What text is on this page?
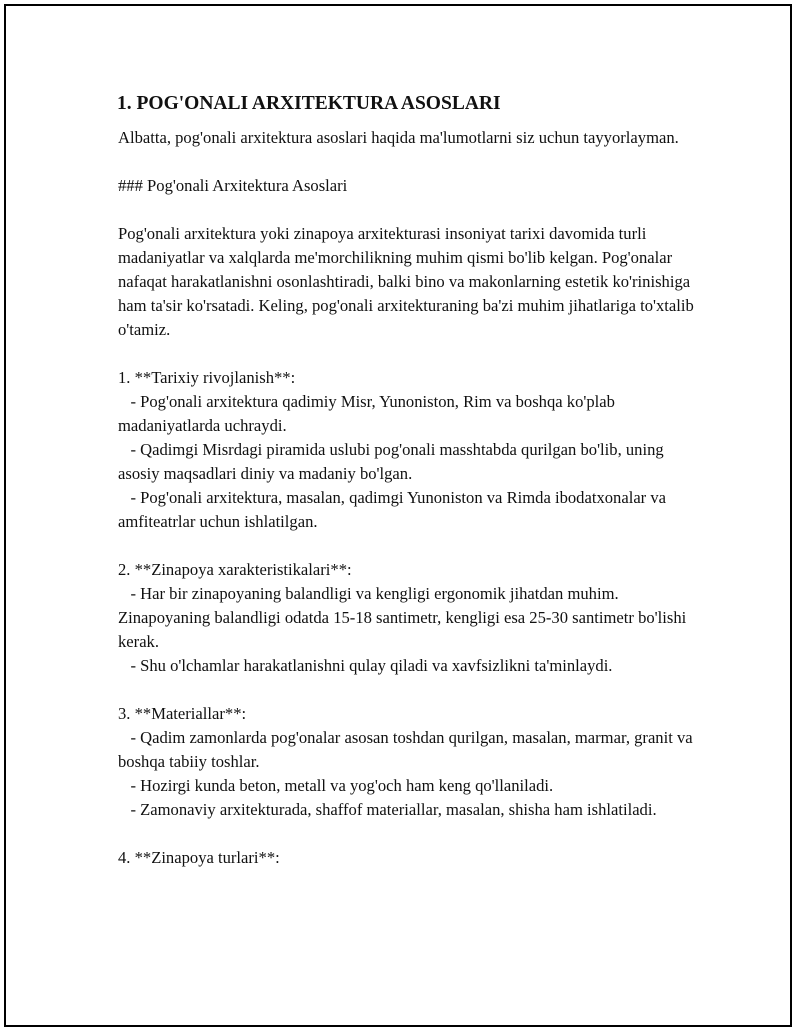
1. POG'ONALI ARXITEKTURA ASOSLARI

Albatta, pog'onali arxitektura asoslari haqida ma'lumotlarni siz uchun tayyorlayman.

### Pog'onali Arxitektura Asoslari

Pog'onali arxitektura yoki zinapoya arxitekturasi insoniyat tarixi davomida turli madaniyatlar va xalqlarda me'morchilikning muhim qismi bo'lib kelgan. Pog'onalar nafaqat harakatlanishni osonlashtiradi, balki bino va makonlarning estetik ko'rinishiga ham ta'sir ko'rsatadi. Keling, pog'onali arxitekturaning ba'zi muhim jihatlariga to'xtalib o'tamiz.

1. **Tarixiy rivojlanish**:

- Pog'onali arxitektura qadimiy Misr, Yunoniston, Rim va boshqa ko'plab madaniyatlarda uchraydi.

- Qadimgi Misrdagi piramida uslubi pog'onali masshtabda qurilgan bo'lib, uning asosiy maqsadlari diniy va madaniy bo'lgan.

- Pog'onali arxitektura, masalan, qadimgi Yunoniston va Rimda ibodatxonalar va amfiteatrlar uchun ishlatilgan.

2. **Zinapoya xarakteristikalari**:

- Har bir zinapoyaning balandligi va kengligi ergonomik jihatdan muhim. Zinapoyaning balandligi odatda 15-18 santimetr, kengligi esa 25-30 santimetr bo'lishi kerak.

- Shu o'lchamlar harakatlanishni qulay qiladi va xavfsizlikni ta'minlaydi.

3. **Materiallar**:

- Qadim zamonlarda pog'onalar asosan toshdan qurilgan, masalan, marmar, granit va boshqa tabiiy toshlar.

- Hozirgi kunda beton, metall va yog'och ham keng qo'llaniladi.

- Zamonaviy arxitekturada, shaffof materiallar, masalan, shisha ham ishlatiladi.

4. **Zinapoya turlari**:
